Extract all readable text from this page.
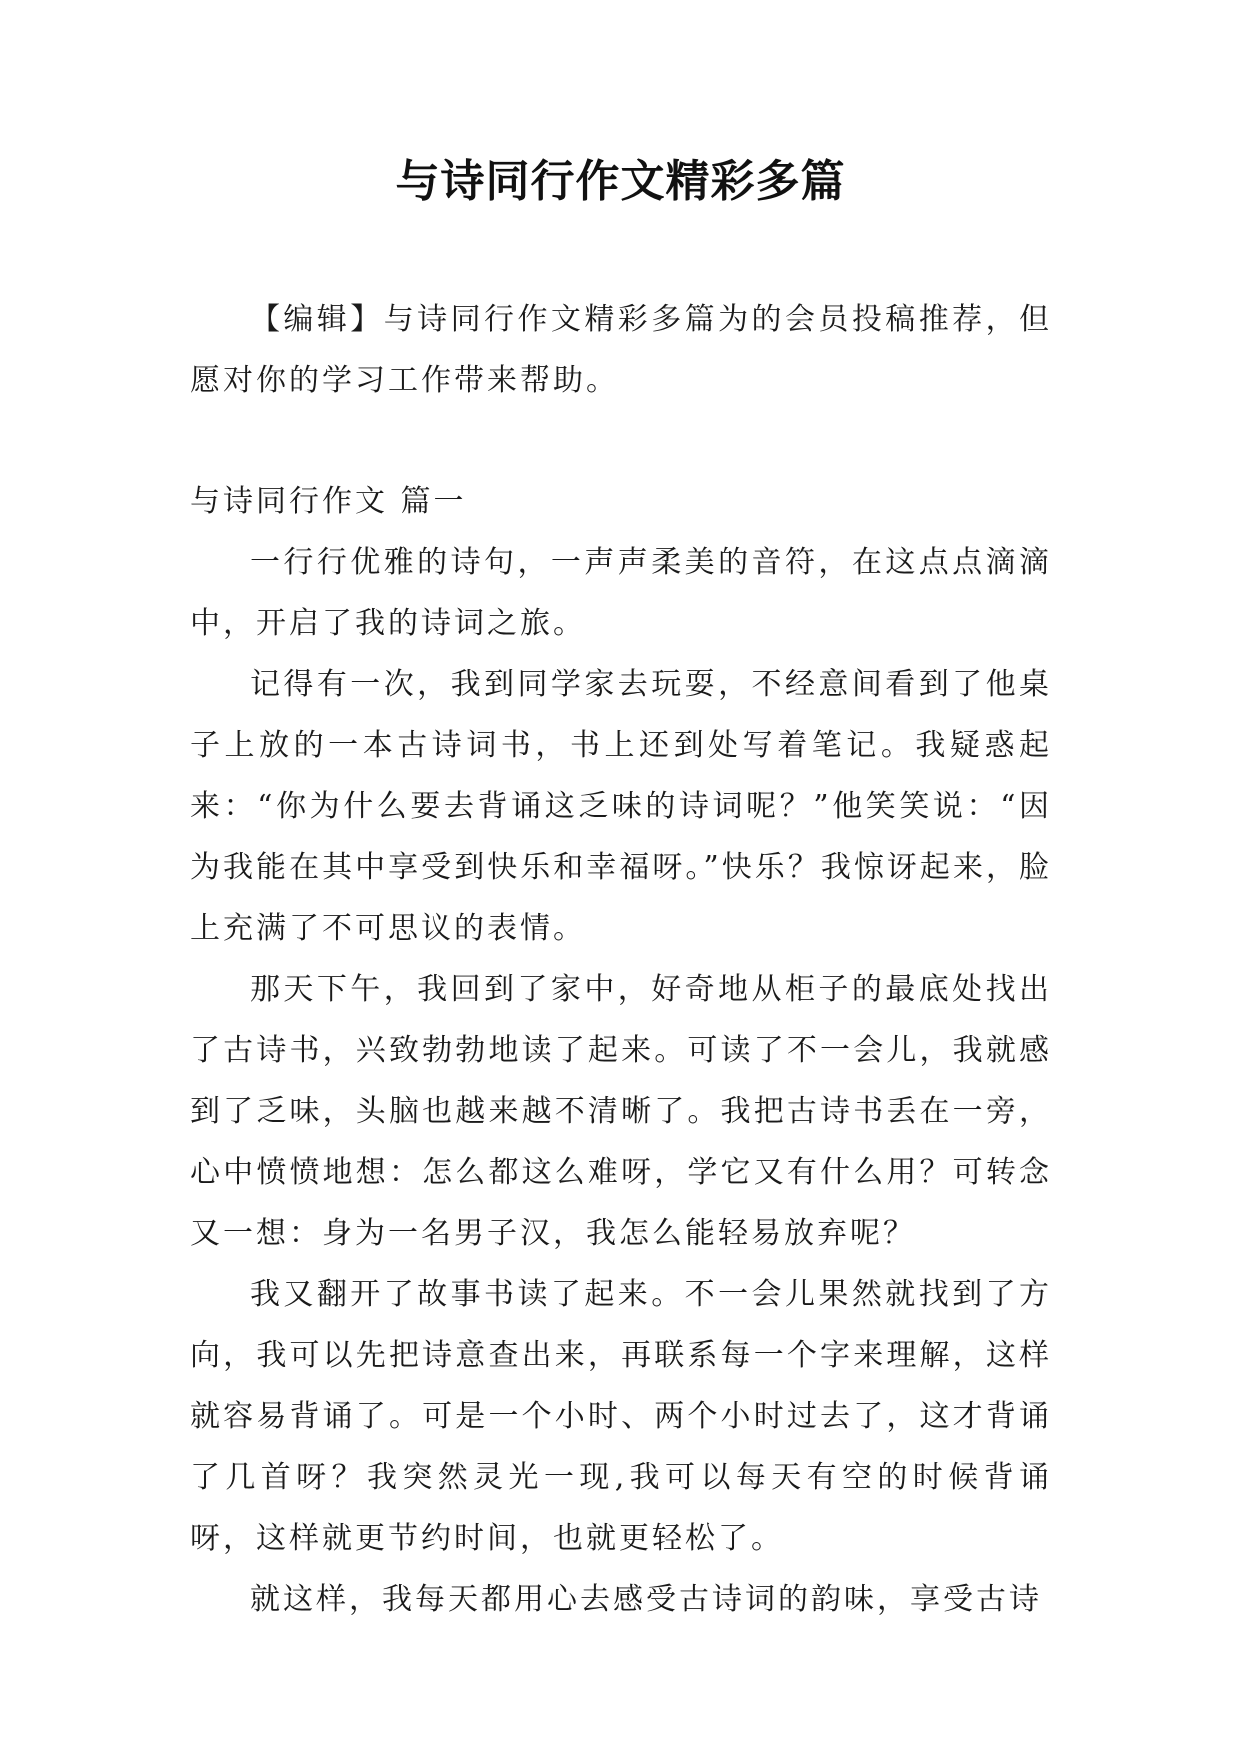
与诗同行作文精彩多篇

【编辑】与诗同行作文精彩多篇为的会员投稿推荐，但愿对你的学习工作带来帮助。

与诗同行作文 篇一

一行行优雅的诗句，一声声柔美的音符，在这点点滴滴中，开启了我的诗词之旅。

记得有一次，我到同学家去玩耍，不经意间看到了他桌子上放的一本古诗词书，书上还到处写着笔记。我疑惑起来：“你为什么要去背诵这乏味的诗词呢？”他笑笑说：“因为我能在其中享受到快乐和幸福呀。”快乐？我惊讶起来，脸上充满了不可思议的表情。

那天下午，我回到了家中，好奇地从柜子的最底处找出了古诗书，兴致勃勃地读了起来。可读了不一会儿，我就感到了乏味，头脑也越来越不清晰了。我把古诗书丢在一旁，心中愤愤地想：怎么都这么难呀，学它又有什么用？可转念又一想：身为一名男子汉，我怎么能轻易放弃呢？

我又翻开了故事书读了起来。不一会儿果然就找到了方向，我可以先把诗意查出来，再联系每一个字来理解，这样就容易背诵了。可是一个小时、两个小时过去了，这才背诵了几首呀？我突然灵光一现,我可以每天有空的时候背诵呀，这样就更节约时间，也就更轻松了。

就这样，我每天都用心去感受古诗词的韵味，享受古诗
